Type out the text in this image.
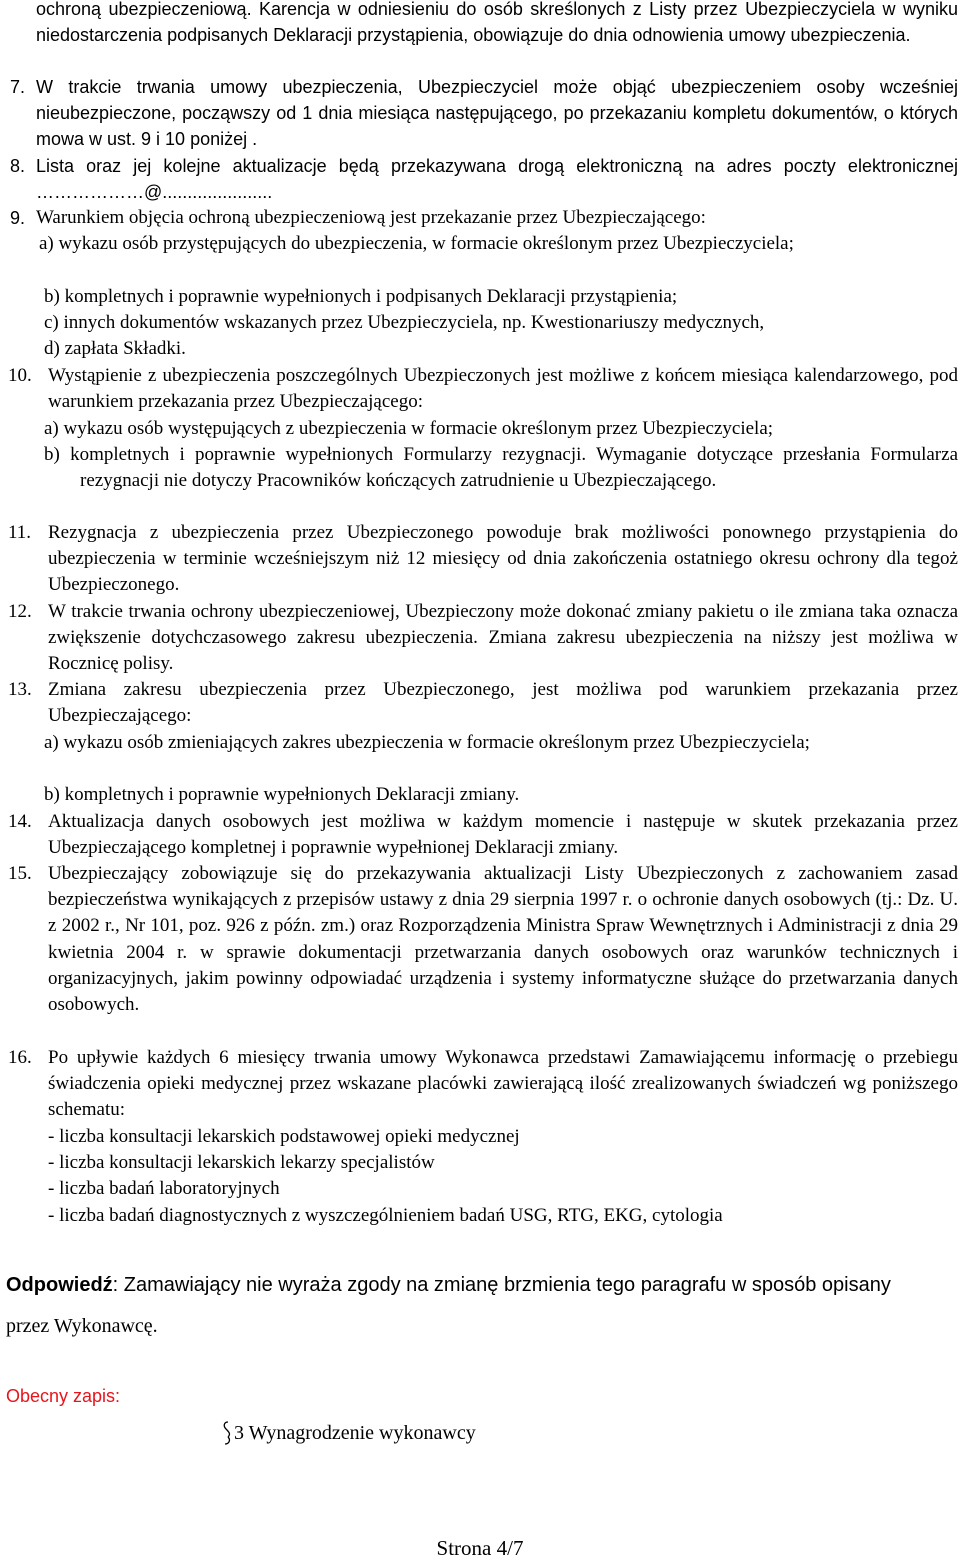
ochroną ubezpieczeniową. Karencja w odniesieniu do osób skreślonych z Listy przez Ubezpieczyciela w wyniku niedostarczenia podpisanych Deklaracji przystąpienia, obowiązuje do dnia odnowienia umowy ubezpieczenia.
7. W trakcie trwania umowy ubezpieczenia, Ubezpieczyciel może objąć ubezpieczeniem osoby wcześniej nieubezpieczone, począwszy od 1 dnia miesiąca następującego, po przekazaniu kompletu dokumentów, o których mowa w ust. 9 i 10 poniżej .
8. Lista oraz jej kolejne aktualizacje będą przekazywana drogą elektroniczną na adres poczty elektronicznej ………………@......................
9. Warunkiem objęcia ochroną ubezpieczeniową jest przekazanie przez Ubezpieczającego:
a) wykazu osób przystępujących do ubezpieczenia, w formacie określonym przez Ubezpieczyciela;
b) kompletnych i poprawnie wypełnionych i podpisanych Deklaracji przystąpienia;
c) innych dokumentów wskazanych przez Ubezpieczyciela, np. Kwestionariuszy medycznych,
d) zapłata Składki.
10. Wystąpienie z ubezpieczenia poszczególnych Ubezpieczonych jest możliwe z końcem miesiąca kalendarzowego, pod warunkiem przekazania przez Ubezpieczającego:
a) wykazu osób występujących z ubezpieczenia w formacie określonym przez Ubezpieczyciela;
b) kompletnych i poprawnie wypełnionych Formularzy rezygnacji. Wymaganie dotyczące przesłania Formularza rezygnacji nie dotyczy Pracowników kończących zatrudnienie u Ubezpieczającego.
11. Rezygnacja z ubezpieczenia przez Ubezpieczonego powoduje brak możliwości ponownego przystąpienia do ubezpieczenia w terminie wcześniejszym niż 12 miesięcy od dnia zakończenia ostatniego okresu ochrony dla tegoż Ubezpieczonego.
12. W trakcie trwania ochrony ubezpieczeniowej, Ubezpieczony może dokonać zmiany pakietu o ile zmiana taka oznacza zwiększenie dotychczasowego zakresu ubezpieczenia. Zmiana zakresu ubezpieczenia na niższy jest możliwa w Rocznicę polisy.
13. Zmiana zakresu ubezpieczenia przez Ubezpieczonego, jest możliwa pod warunkiem przekazania przez Ubezpieczającego:
a) wykazu osób zmieniających zakres ubezpieczenia w formacie określonym przez Ubezpieczyciela;
b) kompletnych i poprawnie wypełnionych Deklaracji zmiany.
14. Aktualizacja danych osobowych jest możliwa w każdym momencie i następuje w skutek przekazania przez Ubezpieczającego kompletnej i poprawnie wypełnionej Deklaracji zmiany.
15. Ubezpieczający zobowiązuje się do przekazywania aktualizacji Listy Ubezpieczonych z zachowaniem zasad bezpieczeństwa wynikających z przepisów ustawy z dnia 29 sierpnia 1997 r. o ochronie danych osobowych (tj.: Dz. U. z 2002 r., Nr 101, poz. 926 z późn. zm.) oraz Rozporządzenia Ministra Spraw Wewnętrznych i Administracji z dnia 29 kwietnia 2004 r. w sprawie dokumentacji przetwarzania danych osobowych oraz warunków technicznych i organizacyjnych, jakim powinny odpowiadać urządzenia i systemy informatyczne służące do przetwarzania danych osobowych.
16. Po upływie każdych 6 miesięcy trwania umowy Wykonawca przedstawi Zamawiającemu informację o przebiegu świadczenia opieki medycznej przez wskazane placówki zawierającą ilość zrealizowanych świadczeń wg poniższego schematu:
- liczba konsultacji lekarskich podstawowej opieki medycznej
- liczba konsultacji lekarskich lekarzy specjalistów
- liczba badań laboratoryjnych
- liczba badań diagnostycznych z wyszczególnieniem badań USG, RTG, EKG, cytologia
Odpowiedź: Zamawiający nie wyraża zgody na zmianę brzmienia tego paragrafu w sposób opisany
przez Wykonawcę.
Obecny zapis:
 3 Wynagrodzenie wykonawcy
Strona 4/7
